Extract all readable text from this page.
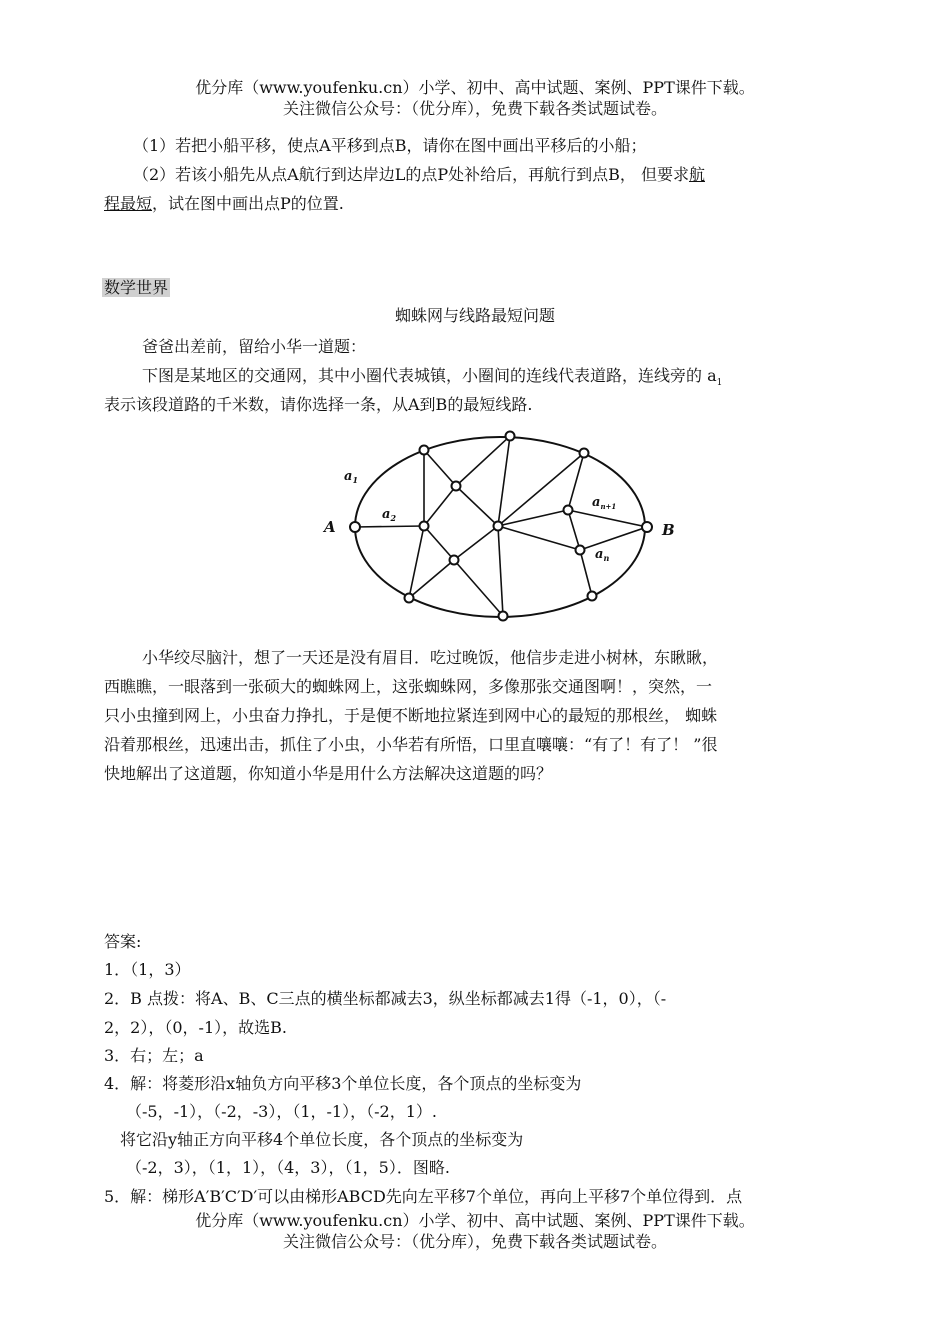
优分库（www.youfenku.cn）小学、初中、高中试题、案例、PPT课件下载。
关注微信公众号：（优分库），免费下载各类试题试卷。
（1）若把小船平移，使点A平移到点B，请你在图中画出平移后的小船；
（2）若该小船先从点A航行到达岸边L的点P处补给后，再航行到点B， 但要求航
程最短，试在图中画出点P的位置.
数学世界
蜘蛛网与线路最短问题
爸爸出差前，留给小华一道题：
下图是某地区的交通网，其中小圈代表城镇，小圈间的连线代表道路，连线旁的 $a_1$
表示该段道路的千米数，请你选择一条，从A到B的最短线路.
A	B
$a_1$
$a_2$
$a_{n+1}$
$a_n$
小华绞尽脑汁，想了一天还是没有眉目．吃过晚饭，他信步走进小树林，东瞅瞅，
西瞧瞧，一眼落到一张硕大的蜘蛛网上，这张蜘蛛网，多像那张交通图啊！，突然，一
只小虫撞到网上，小虫奋力挣扎，于是便不断地拉紧连到网中心的最短的那根丝， 蜘蛛
沿着那根丝，迅速出击，抓住了小虫，小华若有所悟，口里直嚷嚷：“有了！有了！ ”很
快地解出了这道题，你知道小华是用什么方法解决这道题的吗？
答案:
1．（1，3）
2．B 点拨：将A、B、C三点的横坐标都减去3，纵坐标都减去1得（-1，0），（-
2，2），（0，-1），故选B.
3．右；左；a
4．解：将菱形沿x轴负方向平移3个单位长度，各个顶点的坐标变为
（-5，-1），（-2，-3），（1，-1），（-2，1）.
将它沿y轴正方向平移4个单位长度，各个顶点的坐标变为
（-2，3），（1，1），（4，3），（1，5）．图略.
5．解：梯形A′B′C′D′可以由梯形ABCD先向左平移7个单位，再向上平移7个单位得到．点
优分库（www.youfenku.cn）小学、初中、高中试题、案例、PPT课件下载。
关注微信公众号：（优分库），免费下载各类试题试卷。
